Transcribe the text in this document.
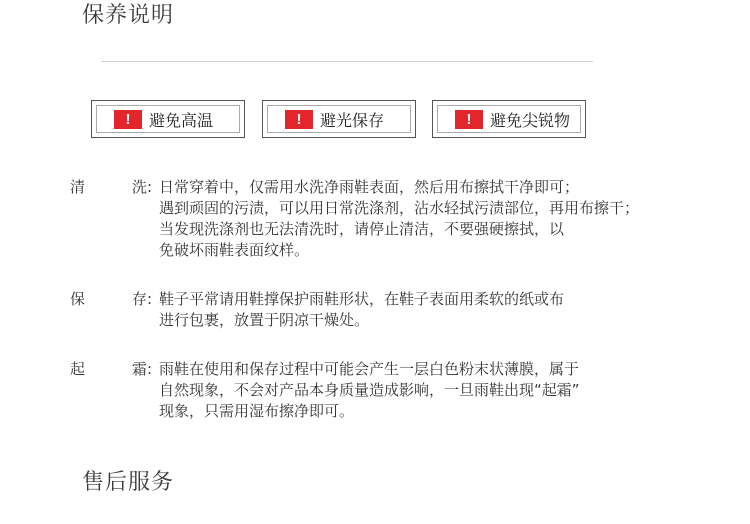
保养说明
!	避免高温	!	避光保存	!	避免尖锐物
清	洗 : 日常穿着中，仅需用水洗净雨鞋表面，然后用布擦拭干净即可；
遇到顽固的污渍，可以用日常洗涤剂，沾水轻拭污渍部位，再用布擦干；
当发现洗涤剂也无法清洗时，请停止清洁，不要强硬擦拭，以
免破坏雨鞋表面纹样。
保	存 : 鞋子平常请用鞋撑保护雨鞋形状，在鞋子表面用柔软的纸或布
进行包裹，放置于阴凉干燥处。
起	霜 : 雨鞋在使用和保存过程中可能会产生一层白色粉末状薄膜，属于
自然现象，不会对产品本身质量造成影响，一旦雨鞋出现“起霜”
现象，只需用湿布擦净即可。
售后服务
